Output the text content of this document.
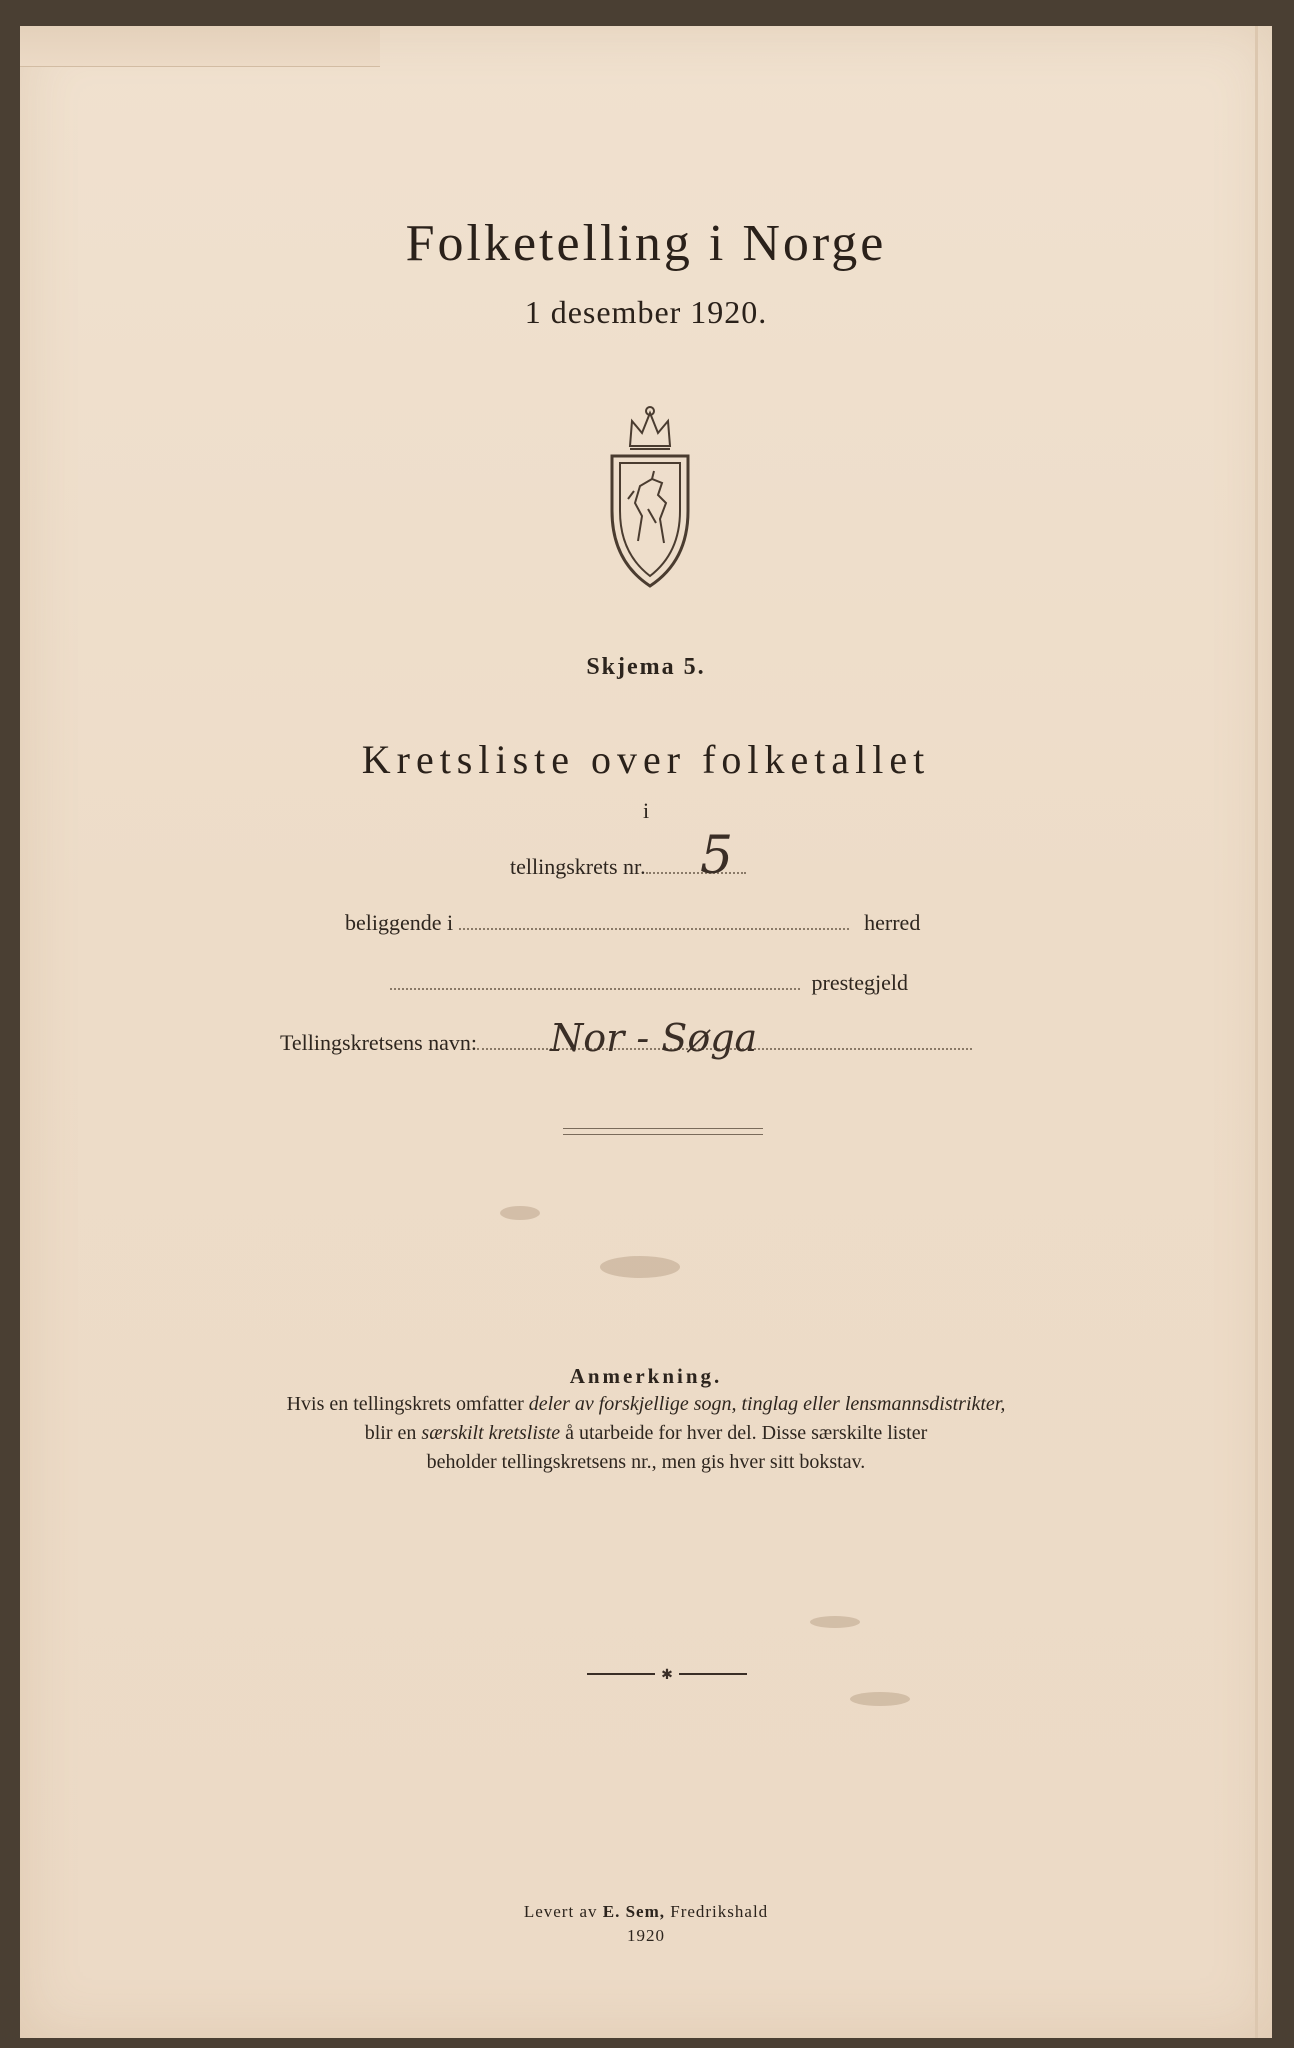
Folketelling i Norge
1 desember 1920.
Skjema 5.
Kretsliste over folketallet
i
tellingskrets nr.	5
beliggende i	herred
prestegjeld
Tellingskretsens navn:	Nor - Søga
Anmerkning.
Hvis en tellingskrets omfatter deler av forskjellige sogn, tinglag eller lensmannsdistrikter,
blir en særskilt kretsliste å utarbeide for hver del. Disse særskilte lister
beholder tellingskretsens nr., men gis hver sitt bokstav.
✱
Levert av E. Sem, Fredrikshald
1920
